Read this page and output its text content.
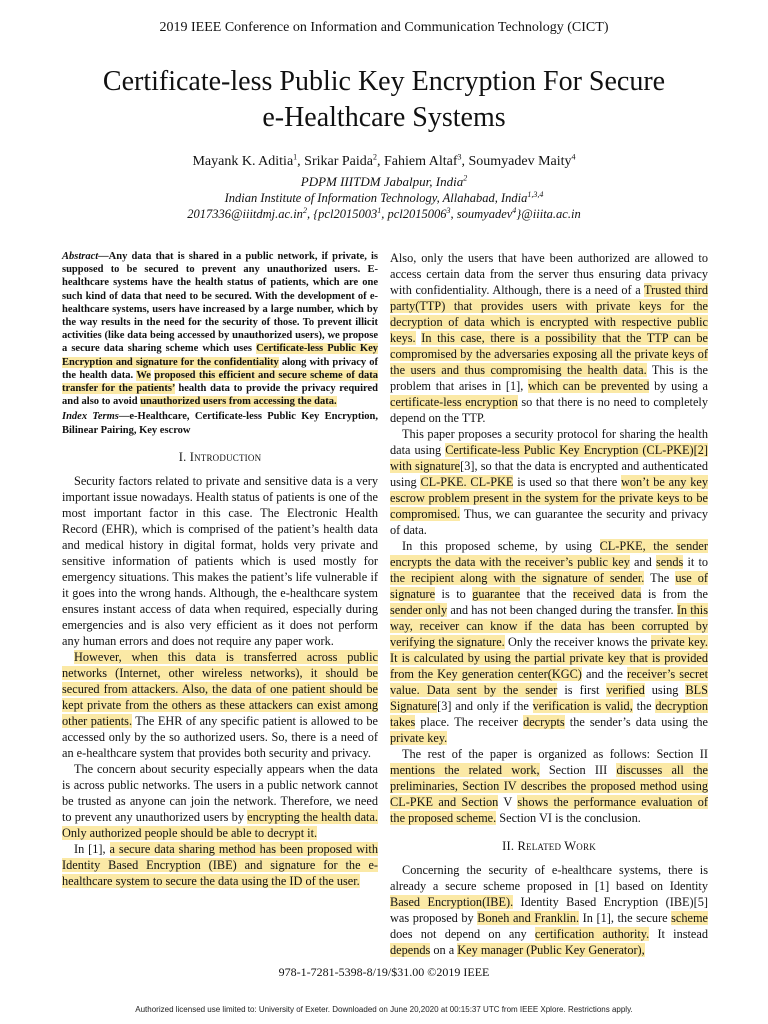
2019 IEEE Conference on Information and Communication Technology (CICT)
Certificate-less Public Key Encryption For Secure
e-Healthcare Systems
Mayank K. Aditia$^1$, Srikar Paida$^2$, Fahiem Altaf$^3$, Soumyadev Maity$^4$
PDPM IIITDM Jabalpur, India$^2$
Indian Institute of Information Technology, Allahabad, India$^{1,3,4}$
$2017336@iiitdmj.ac.in^2$, {pcl2015003$^1$, pcl2015006$^3$, soumyadev$^4$}@iiita.ac.in
Abstract—Any data that is shared in a public network, if private, is supposed to be secured to prevent any unauthorized users. E-healthcare systems have the health status of patients, which are one such kind of data that need to be secured. With the development of e-healthcare systems, users have increased by a large number, which by the way results in the need for the security of those. To prevent illicit activities (like data being accessed by unauthorized users), we propose a secure data sharing scheme which uses Certificate-less Public Key Encryption and signature for the confidentiality along with privacy of the health data. We proposed this efficient and secure scheme of data transfer for the patients’ health data to provide the privacy required and also to avoid unauthorized users from accessing the data.
Index Terms—e-Healthcare, Certificate-less Public Key Encryption, Bilinear Pairing, Key escrow
I. Introduction

Security factors related to private and sensitive data is a very important issue nowadays. Health status of patients is one of the most important factor in this case. The Electronic Health Record (EHR), which is comprised of the patient’s health data and medical history in digital format, holds very private and sensitive information of patients which is used mostly for emergency situations. This makes the patient’s life vulnerable if it goes into the wrong hands. Although, the e-healthcare system ensures instant access of data when required, especially during emergencies and is also very efficient as it does not perform any human errors and does not require any paper work.

However, when this data is transferred across public networks (Internet, other wireless networks), it should be secured from attackers. Also, the data of one patient should be kept private from the others as these attackers can exist among other patients. The EHR of any specific patient is allowed to be accessed only by the so authorized users. So, there is a need of an e-healthcare system that provides both security and privacy.

The concern about security especially appears when the data is across public networks. The users in a public network cannot be trusted as anyone can join the network. Therefore, we need to prevent any unauthorized users by encrypting the health data. Only authorized people should be able to decrypt it.

In [1], a secure data sharing method has been proposed with Identity Based Encryption (IBE) and signature for the e-healthcare system to secure the data using the ID of the user.

Also, only the users that have been authorized are allowed to access certain data from the server thus ensuring data privacy with confidentiality. Although, there is a need of a Trusted third party(TTP) that provides users with private keys for the decryption of data which is encrypted with respective public keys. In this case, there is a possibility that the TTP can be compromised by the adversaries exposing all the private keys of the users and thus compromising the health data. This is the problem that arises in [1], which can be prevented by using a certificate-less encryption so that there is no need to completely depend on the TTP.

This paper proposes a security protocol for sharing the health data using Certificate-less Public Key Encryption (CL-PKE)[2] with signature[3], so that the data is encrypted and authenticated using CL-PKE. CL-PKE is used so that there won’t be any key escrow problem present in the system for the private keys to be compromised. Thus, we can guarantee the security and privacy of data.

In this proposed scheme, by using CL-PKE, the sender encrypts the data with the receiver’s public key and sends it to the recipient along with the signature of sender. The use of signature is to guarantee that the received data is from the sender only and has not been changed during the transfer. In this way, receiver can know if the data has been corrupted by verifying the signature. Only the receiver knows the private key. It is calculated by using the partial private key that is provided from the Key generation center(KGC) and the receiver’s secret value. Data sent by the sender is first verified using BLS Signature[3] and only if the verification is valid, the decryption takes place. The receiver decrypts the sender’s data using the private key.

The rest of the paper is organized as follows: Section II mentions the related work, Section III discusses all the preliminaries, Section IV describes the proposed method using CL-PKE and Section V shows the performance evaluation of the proposed scheme. Section VI is the conclusion.

II. Related Work

Concerning the security of e-healthcare systems, there is already a secure scheme proposed in [1] based on Identity Based Encryption(IBE). Identity Based Encryption (IBE)[5] was proposed by Boneh and Franklin. In [1], the secure scheme does not depend on any certification authority. It instead depends on a Key manager (Public Key Generator),

978-1-7281-5398-8/19/$31.00 ©2019 IEEE
Authorized licensed use limited to: University of Exeter. Downloaded on June 20,2020 at 00:15:37 UTC from IEEE Xplore. Restrictions apply.
